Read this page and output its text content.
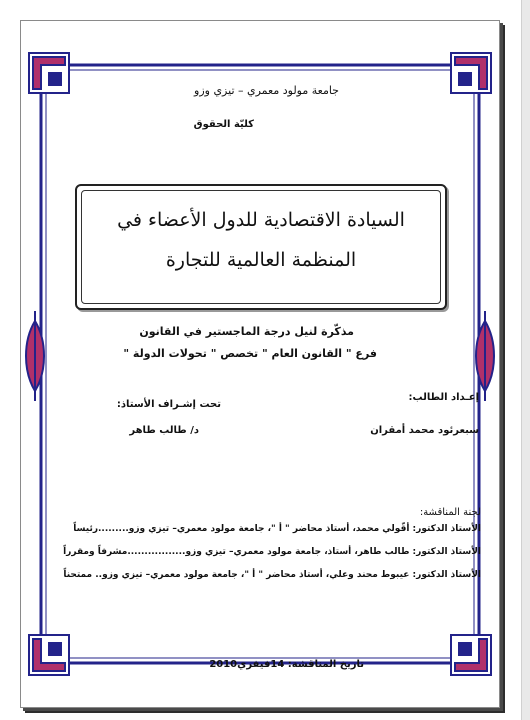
جامعة مولود معمري – تيزي وزو
كليّة الحقوق
السيادة الاقتصادية للدول الأعضاء في
المنظمة العالمية للتجارة
مذكّرة لنيل درجة الماجستير في القانون
فرع " القانون العام " تخصص " تحولات الدولة "
إعـداد الطالب:
سبعرئود محمد أمقران
تحت إشـراف الأستاذ:
د/ طالب طاهر
لجنة المناقشة:
الأستاذ الدكتور: أقّولي محمد، أستاذ محاضر " أ "، جامعة مولود معمري– تيزي وزو.........رئيساً
الأستاذ الدكتور: طالب طاهر، أستاذ، جامعة مولود معمري– تيزي وزو.................مشرفاً ومقرراً
الأستاذ الدكتور: عيبوط محند وعلي، أستاذ محاضر " أ "، جامعة مولود معمري– تيزي وزو.. ممتحناً
تاريخ المناقشة: 14فيفري2010
